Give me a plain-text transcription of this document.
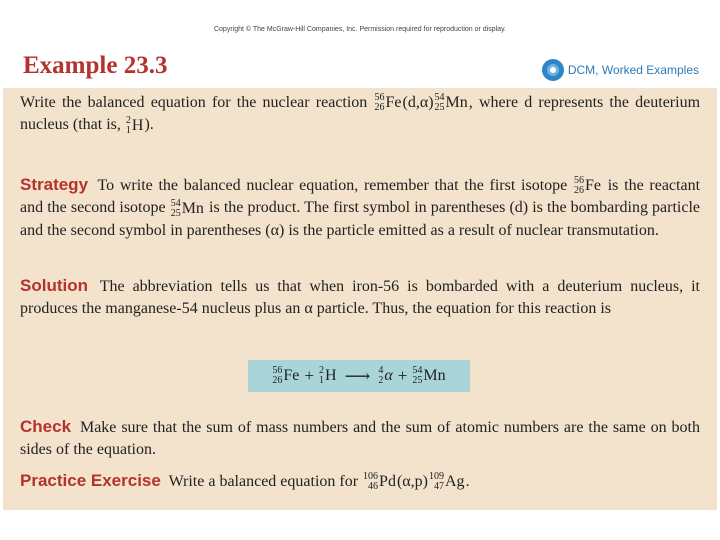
Copyright © The McGraw-Hill Companies, Inc. Permission required for reproduction or display.
Example 23.3	DCM, Worked Examples
Write the balanced equation for the nuclear reaction 56
26 Fe (d,α) 54
25 Mn , where d represents the deuterium nucleus (that is, 2
1 H ).
Strategy To write the balanced nuclear equation, remember that the first isotope 56
26 Fe is the reactant and the second isotope 54
25 Mn is the product. The first symbol in parentheses (d) is the bombarding particle and the second symbol in parentheses (α) is the particle emitted as a result of nuclear transmutation.
Solution The abbreviation tells us that when iron-56 is bombarded with a deuterium nucleus, it produces the manganese-54 nucleus plus an α particle. Thus, the equation for this reaction is
56
26 Fe + 2
1 H ⟶ 4
2 α + 54
25 Mn
Check Make sure that the sum of mass numbers and the sum of atomic numbers are the same on both sides of the equation.
Practice Exercise Write a balanced equation for 106
46 Pd (α,p) 109
47 Ag .
